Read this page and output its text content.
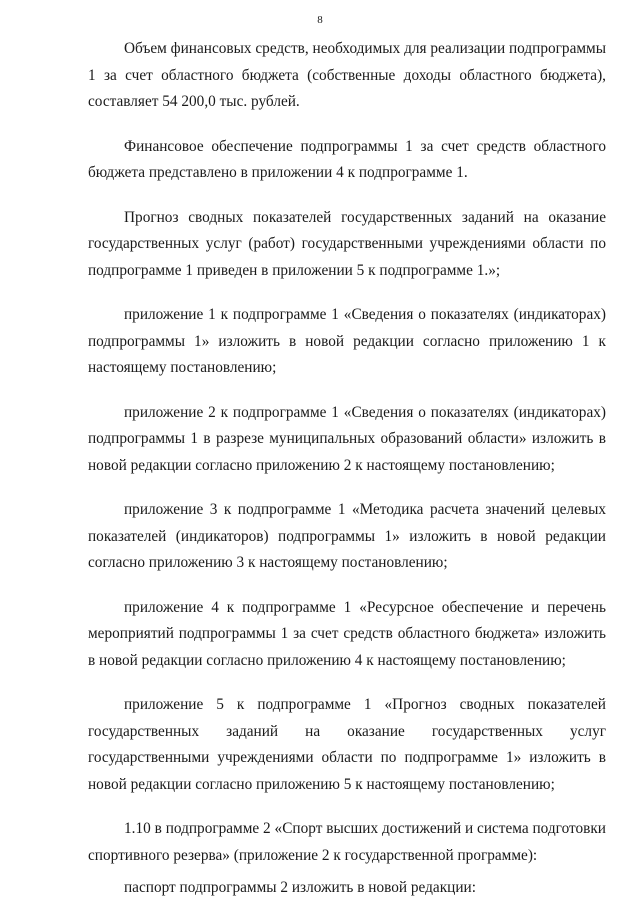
8

Объем финансовых средств, необходимых для реализации подпрограммы 1 за счет областного бюджета (собственные доходы областного бюджета), составляет 54 200,0 тыс. рублей.

Финансовое обеспечение подпрограммы 1 за счет средств областного бюджета представлено в приложении 4 к подпрограмме 1.

Прогноз сводных показателей государственных заданий на оказание государственных услуг (работ) государственными учреждениями области по подпрограмме 1 приведен в приложении 5 к подпрограмме 1.»;

приложение 1 к подпрограмме 1 «Сведения о показателях (индикаторах) подпрограммы 1» изложить в новой редакции согласно приложению 1 к настоящему постановлению;

приложение 2 к подпрограмме 1 «Сведения о показателях (индикаторах) подпрограммы 1 в разрезе муниципальных образований области» изложить в новой редакции согласно приложению 2 к настоящему постановлению;

приложение 3 к подпрограмме 1 «Методика расчета значений целевых показателей (индикаторов) подпрограммы 1» изложить в новой редакции согласно приложению 3 к настоящему постановлению;

приложение 4 к подпрограмме 1 «Ресурсное обеспечение и перечень мероприятий подпрограммы 1 за счет средств областного бюджета» изложить в новой редакции согласно приложению 4 к настоящему постановлению;

приложение 5 к подпрограмме 1 «Прогноз сводных показателей государственных заданий на оказание государственных услуг государственными учреждениями области по подпрограмме 1» изложить в новой редакции согласно приложению 5 к настоящему постановлению;

1.10 в подпрограмме 2 «Спорт высших достижений и система подготовки спортивного резерва» (приложение 2 к государственной программе):

паспорт подпрограммы 2 изложить в новой редакции:
